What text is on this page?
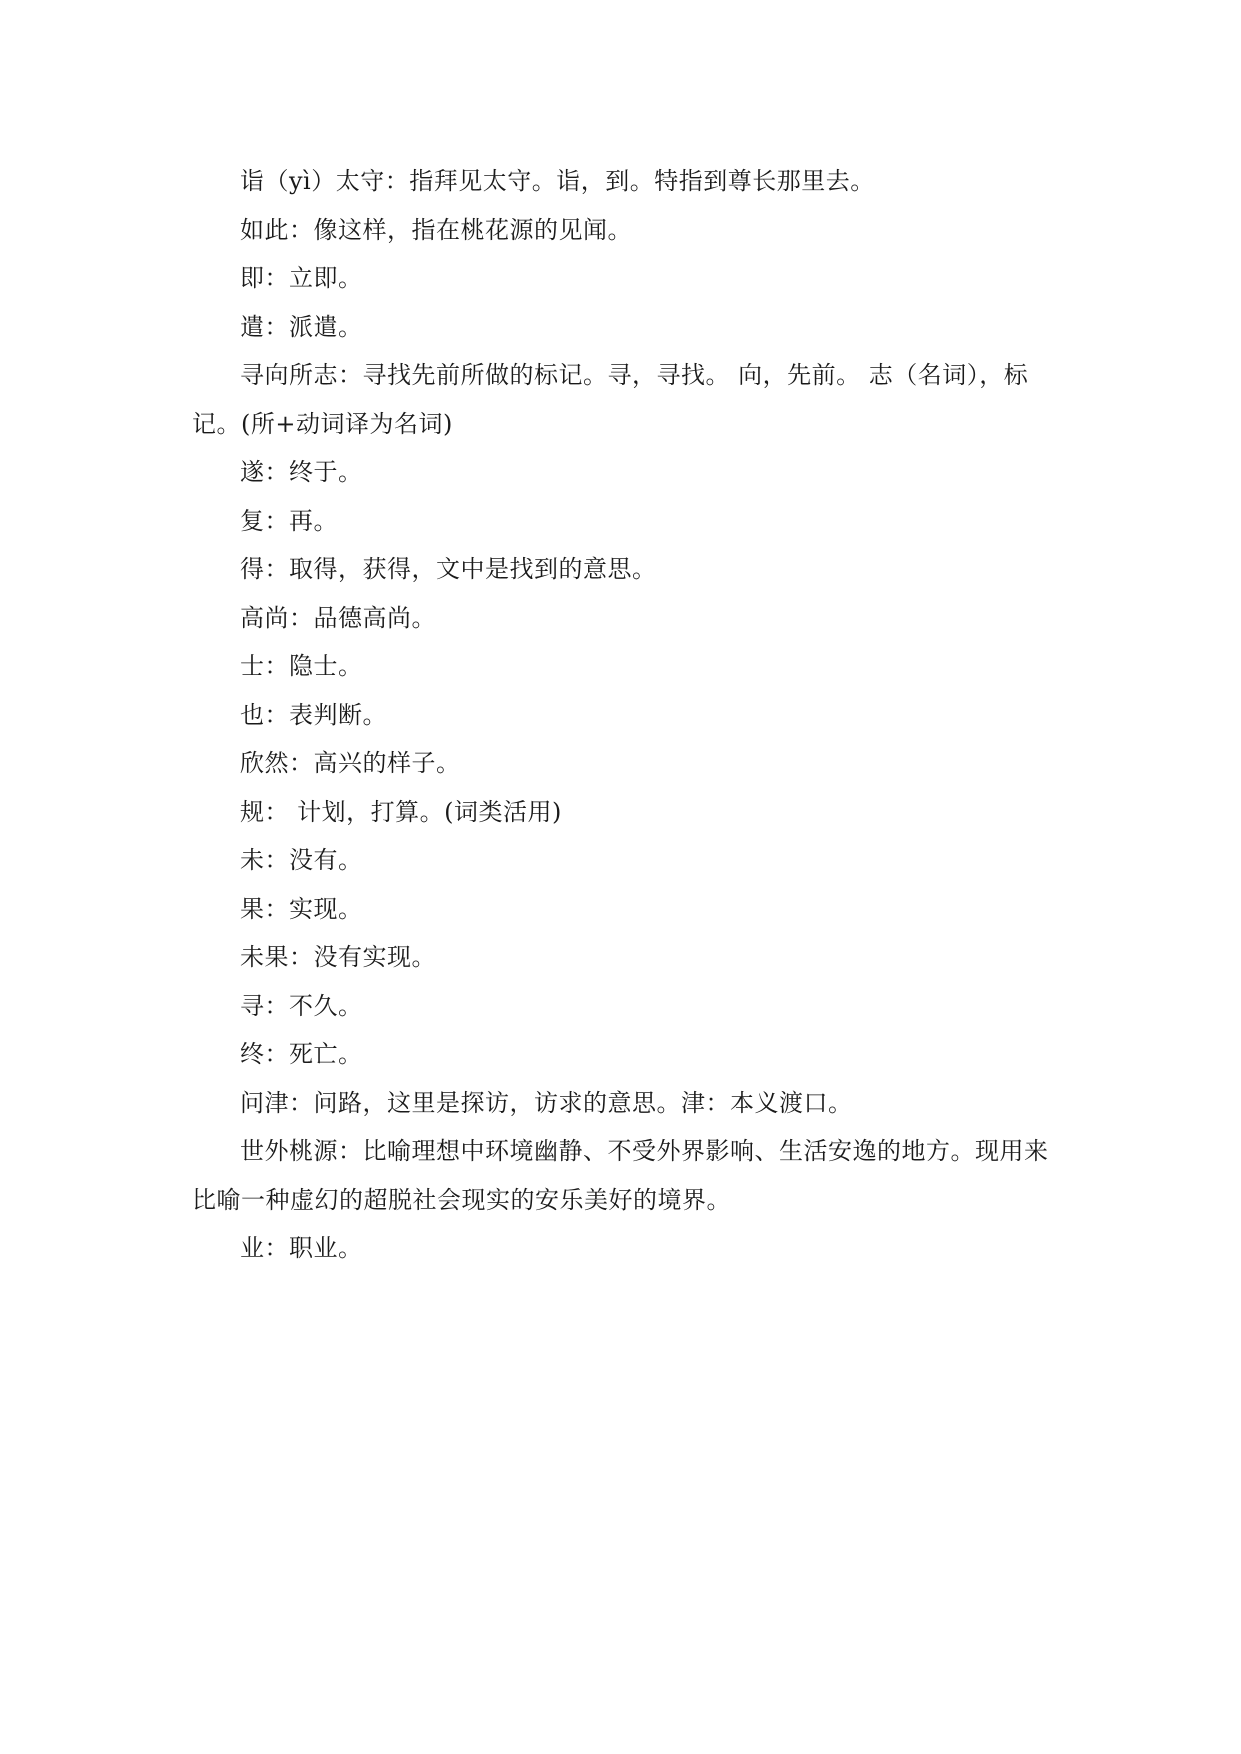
诣（yì）太守：指拜见太守。诣，到。特指到尊长那里去。

如此：像这样，指在桃花源的见闻。

即：立即。

遣：派遣。

寻向所志：寻找先前所做的标记。寻，寻找。 向，先前。 志（名词），标记。(所+动词译为名词)

遂：终于。

复：再。

得：取得，获得，文中是找到的意思。

高尚：品德高尚。

士：隐士。

也：表判断。

欣然：高兴的样子。

规： 计划，打算。(词类活用)

未：没有。

果：实现。

未果：没有实现。

寻：不久。

终：死亡。

问津：问路，这里是探访，访求的意思。津：本义渡口。

世外桃源：比喻理想中环境幽静、不受外界影响、生活安逸的地方。现用来比喻一种虚幻的超脱社会现实的安乐美好的境界。

业：职业。
